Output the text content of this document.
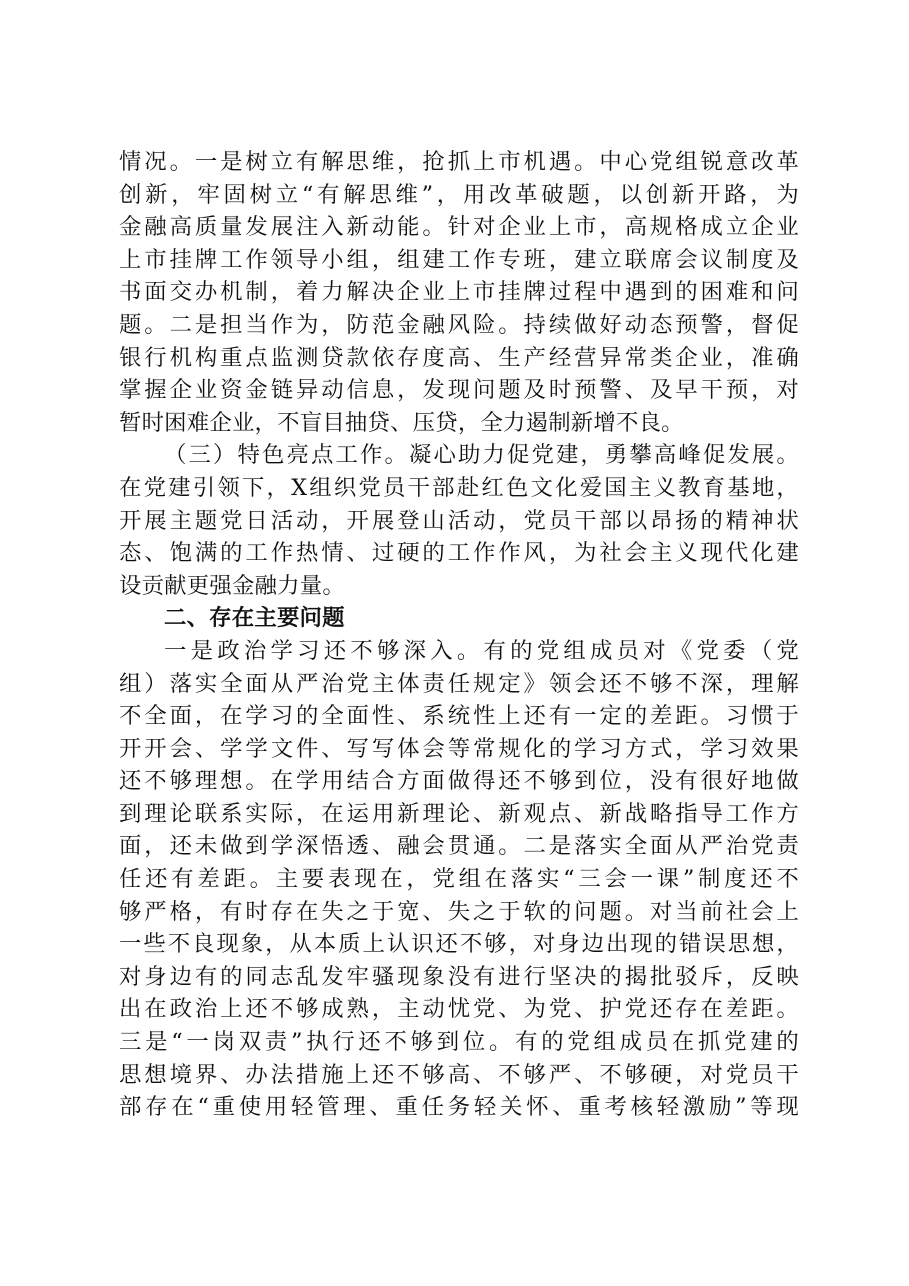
情况。一是树立有解思维，抢抓上市机遇。中心党组锐意改革
创新，牢固树立“有解思维”，用改革破题，以创新开路，为
金融高质量发展注入新动能。针对企业上市，高规格成立企业
上市挂牌工作领导小组，组建工作专班，建立联席会议制度及
书面交办机制，着力解决企业上市挂牌过程中遇到的困难和问
题。二是担当作为，防范金融风险。持续做好动态预警，督促
银行机构重点监测贷款依存度高、生产经营异常类企业，准确
掌握企业资金链异动信息，发现问题及时预警、及早干预，对
暂时困难企业，不盲目抽贷、压贷，全力遏制新增不良。
（三）特色亮点工作。凝心助力促党建，勇攀高峰促发展。
在党建引领下，X组织党员干部赴红色文化爱国主义教育基地，
开展主题党日活动，开展登山活动，党员干部以昂扬的精神状
态、饱满的工作热情、过硬的工作作风，为社会主义现代化建
设贡献更强金融力量。
二、存在主要问题
一是政治学习还不够深入。有的党组成员对《党委（党
组）落实全面从严治党主体责任规定》领会还不够不深，理解
不全面，在学习的全面性、系统性上还有一定的差距。习惯于
开开会、学学文件、写写体会等常规化的学习方式，学习效果
还不够理想。在学用结合方面做得还不够到位，没有很好地做
到理论联系实际，在运用新理论、新观点、新战略指导工作方
面，还未做到学深悟透、融会贯通。二是落实全面从严治党责
任还有差距。主要表现在，党组在落实“三会一课”制度还不
够严格，有时存在失之于宽、失之于软的问题。对当前社会上
一些不良现象，从本质上认识还不够，对身边出现的错误思想，
对身边有的同志乱发牢骚现象没有进行坚决的揭批驳斥，反映
出在政治上还不够成熟，主动忧党、为党、护党还存在差距。
三是“一岗双责”执行还不够到位。有的党组成员在抓党建的
思想境界、办法措施上还不够高、不够严、不够硬，对党员干
部存在“重使用轻管理、重任务轻关怀、重考核轻激励”等现
